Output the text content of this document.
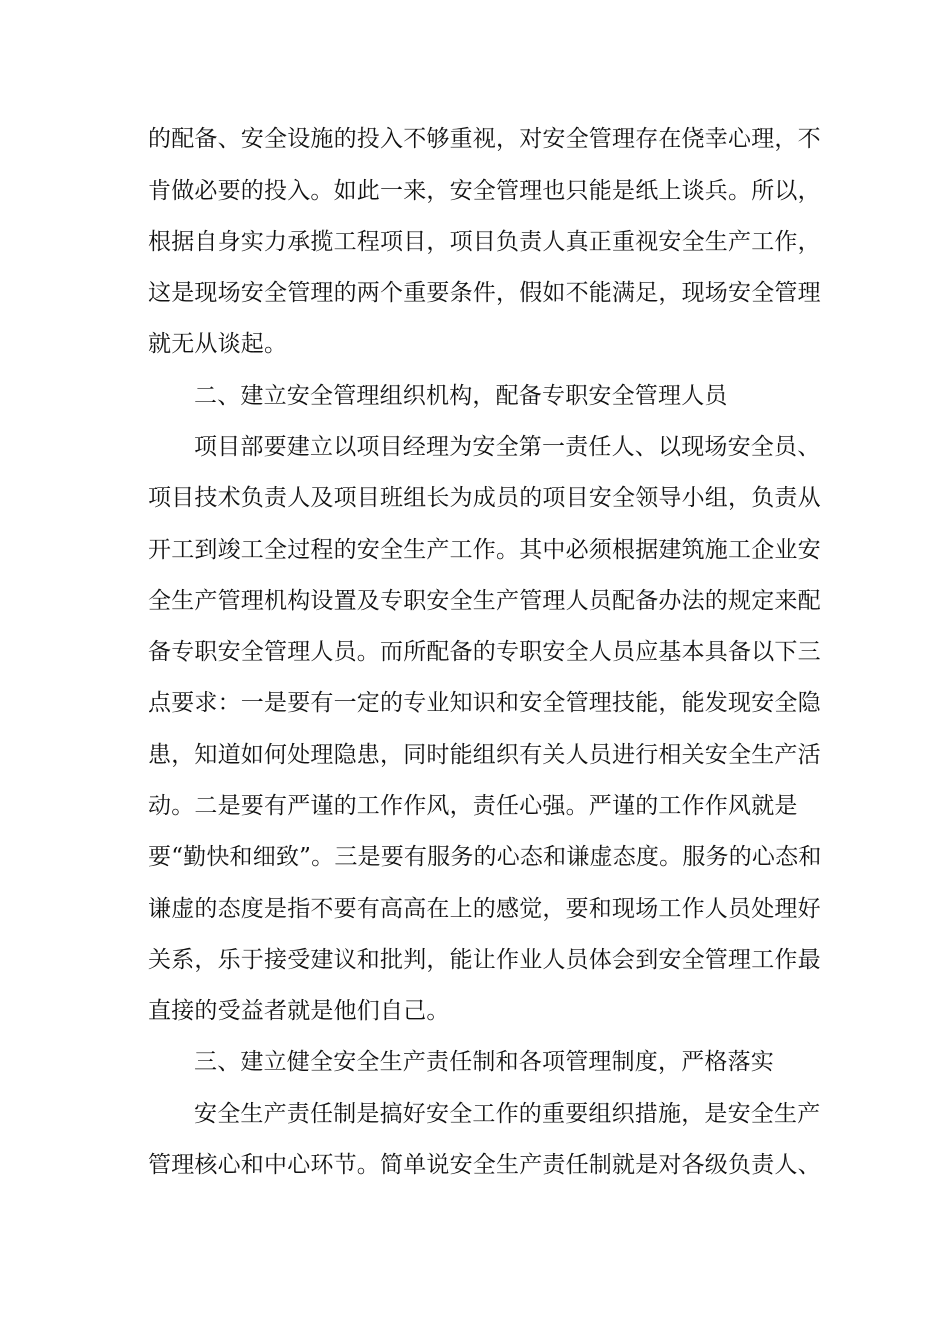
的配备、安全设施的投入不够重视，对安全管理存在侥幸心理，不
肯做必要的投入。如此一来，安全管理也只能是纸上谈兵。所以，
根据自身实力承揽工程项目，项目负责人真正重视安全生产工作，
这是现场安全管理的两个重要条件，假如不能满足，现场安全管理
就无从谈起。
二、建立安全管理组织机构，配备专职安全管理人员
项目部要建立以项目经理为安全第一责任人、以现场安全员、
项目技术负责人及项目班组长为成员的项目安全领导小组，负责从
开工到竣工全过程的安全生产工作。其中必须根据建筑施工企业安
全生产管理机构设置及专职安全生产管理人员配备办法的规定来配
备专职安全管理人员。而所配备的专职安全人员应基本具备以下三
点要求：一是要有一定的专业知识和安全管理技能，能发现安全隐
患，知道如何处理隐患，同时能组织有关人员进行相关安全生产活
动。二是要有严谨的工作作风，责任心强。严谨的工作作风就是
要“勤快和细致”。三是要有服务的心态和谦虚态度。服务的心态和
谦虚的态度是指不要有高高在上的感觉，要和现场工作人员处理好
关系，乐于接受建议和批判，能让作业人员体会到安全管理工作最
直接的受益者就是他们自己。
三、建立健全安全生产责任制和各项管理制度，严格落实
安全生产责任制是搞好安全工作的重要组织措施，是安全生产
管理核心和中心环节。简单说安全生产责任制就是对各级负责人、
